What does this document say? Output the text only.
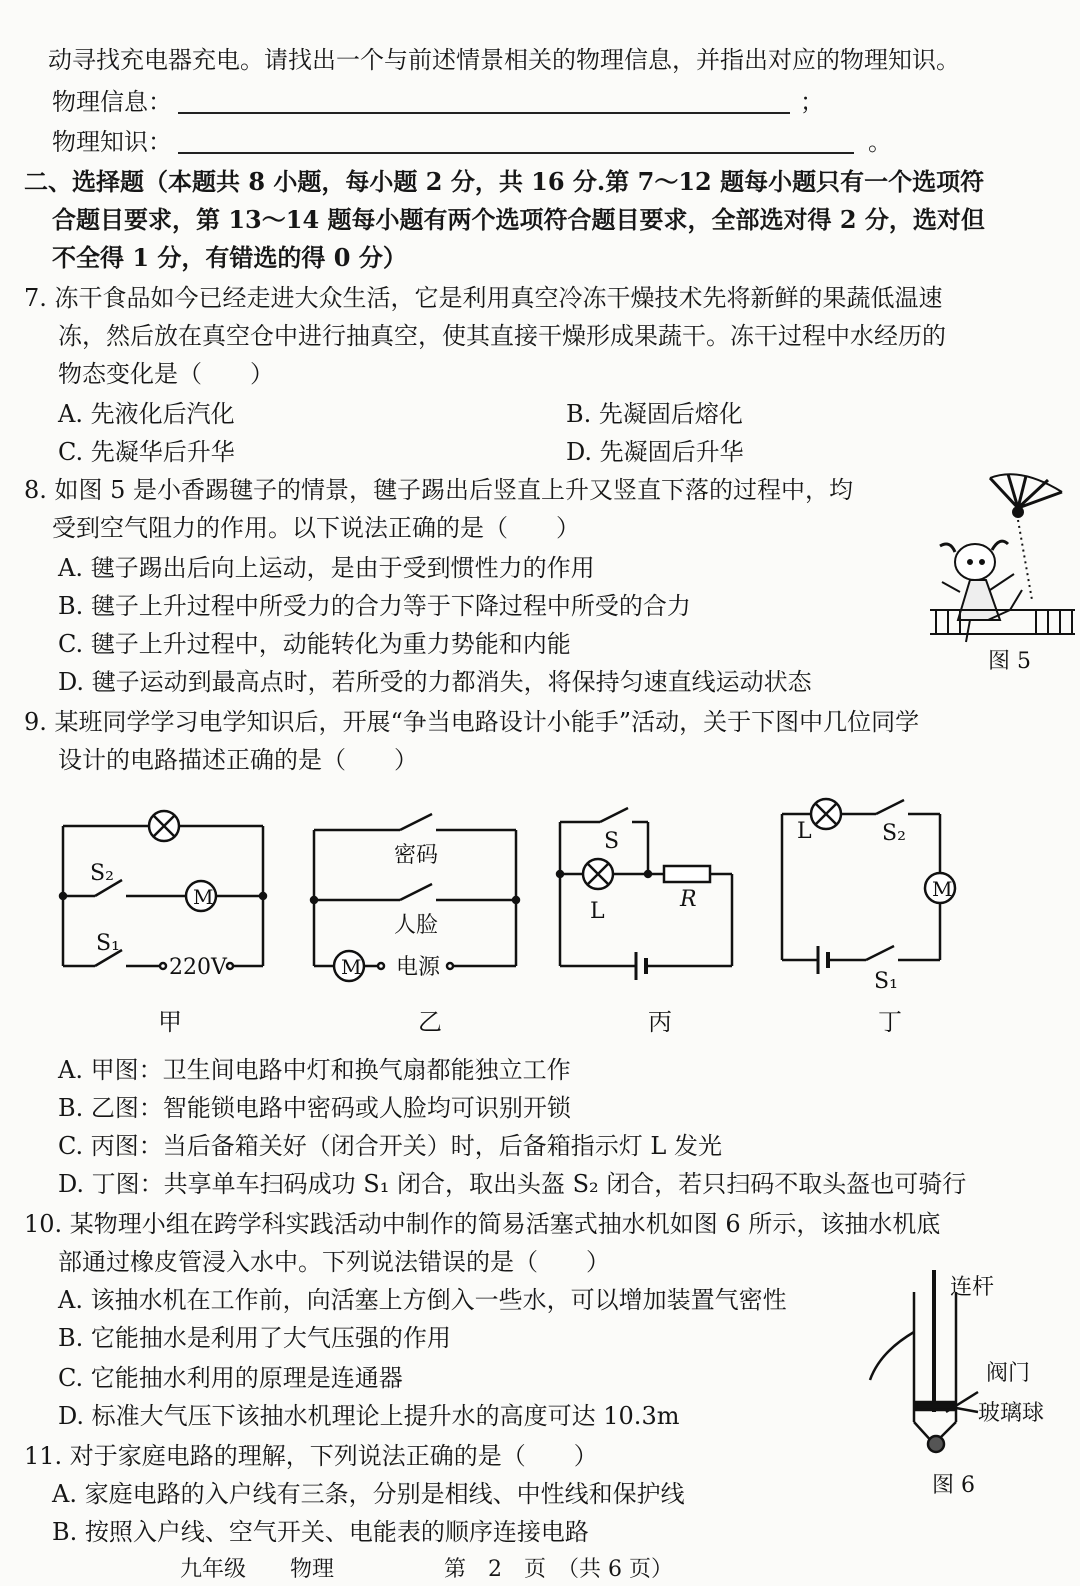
动寻找充电器充电。请找出一个与前述情景相关的物理信息，并指出对应的物理知识。
物理信息：	；
物理知识：	。
二、选择题（本题共 8 小题，每小题 2 分，共 16 分.第 7～12 题每小题只有一个选项符
合题目要求，第 13～14 题每小题有两个选项符合题目要求，全部选对得 2 分，选对但
不全得 1 分，有错选的得 0 分）
7. 冻干食品如今已经走进大众生活，它是利用真空冷冻干燥技术先将新鲜的果蔬低温速
冻，然后放在真空仓中进行抽真空，使其直接干燥形成果蔬干。冻干过程中水经历的
物态变化是（　　）
A. 先液化后汽化	B. 先凝固后熔化
C. 先凝华后升华	D. 先凝固后升华
8. 如图 5 是小香踢毽子的情景，毽子踢出后竖直上升又竖直下落的过程中，均
受到空气阻力的作用。以下说法正确的是（　　）
A. 毽子踢出后向上运动，是由于受到惯性力的作用
B. 毽子上升过程中所受力的合力等于下降过程中所受的合力
C. 毽子上升过程中，动能转化为重力势能和内能
D. 毽子运动到最高点时，若所受的力都消失，将保持匀速直线运动状态
图 5
9. 某班同学学习电学知识后，开展“争当电路设计小能手”活动，关于下图中几位同学
设计的电路描述正确的是（　　）
S₂
M
S₁
220V
甲
密码
人脸
M 电源
乙
S
L	R
丙
L	S₂
M
S₁
丁
A. 甲图：卫生间电路中灯和换气扇都能独立工作
B. 乙图：智能锁电路中密码或人脸均可识别开锁
C. 丙图：当后备箱关好（闭合开关）时，后备箱指示灯 L 发光
D. 丁图：共享单车扫码成功 S₁ 闭合，取出头盔 S₂ 闭合，若只扫码不取头盔也可骑行
10. 某物理小组在跨学科实践活动中制作的简易活塞式抽水机如图 6 所示，该抽水机底
部通过橡皮管浸入水中。下列说法错误的是（　　）
A. 该抽水机在工作前，向活塞上方倒入一些水，可以增加装置气密性
B. 它能抽水是利用了大气压强的作用
C. 它能抽水利用的原理是连通器
D. 标准大气压下该抽水机理论上提升水的高度可达 10.3m
连杆
阀门
玻璃球
图 6
11. 对于家庭电路的理解，下列说法正确的是（　　）
A. 家庭电路的入户线有三条，分别是相线、中性线和保护线
B. 按照入户线、空气开关、电能表的顺序连接电路
九年级　　物理　　　　　第　2　页　（共 6 页）
